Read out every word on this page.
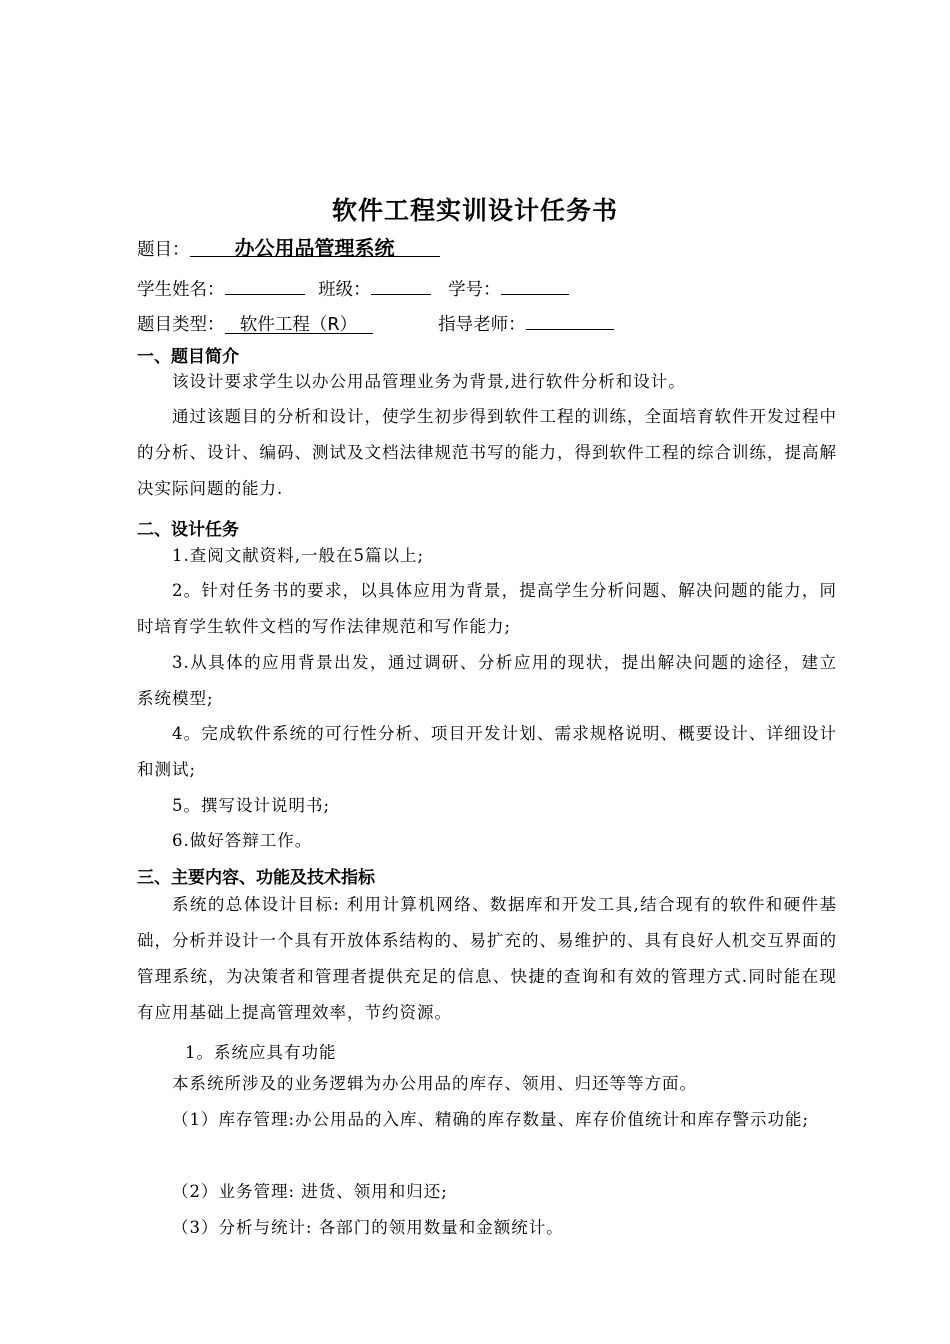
软件工程实训设计任务书
题目： 办公用品管理系统
学生姓名：	班级：	学号：
题目类型： 软件工程（R）	指导老师：
一、题目简介
该设计要求学生以办公用品管理业务为背景,进行软件分析和设计。
通过该题目的分析和设计，使学生初步得到软件工程的训练，全面培育软件开发过程中的分析、设计、编码、测试及文档法律规范书写的能力，得到软件工程的综合训练，提高解决实际问题的能力.
二、设计任务
1.查阅文献资料,一般在5篇以上;
2。针对任务书的要求，以具体应用为背景，提高学生分析问题、解决问题的能力，同时培育学生软件文档的写作法律规范和写作能力;
3.从具体的应用背景出发，通过调研、分析应用的现状，提出解决问题的途径，建立系统模型;
4。完成软件系统的可行性分析、项目开发计划、需求规格说明、概要设计、详细设计和测试;
5。撰写设计说明书;
6.做好答辩工作。
三、主要内容、功能及技术指标
系统的总体设计目标: 利用计算机网络、数据库和开发工具,结合现有的软件和硬件基础，分析并设计一个具有开放体系结构的、易扩充的、易维护的、具有良好人机交互界面的管理系统，为决策者和管理者提供充足的信息、快捷的查询和有效的管理方式.同时能在现有应用基础上提高管理效率，节约资源。
1。系统应具有功能
本系统所涉及的业务逻辑为办公用品的库存、领用、归还等等方面。
（1）库存管理:办公用品的入库、精确的库存数量、库存价值统计和库存警示功能;
（2）业务管理: 进货、领用和归还;
（3）分析与统计: 各部门的领用数量和金额统计。
